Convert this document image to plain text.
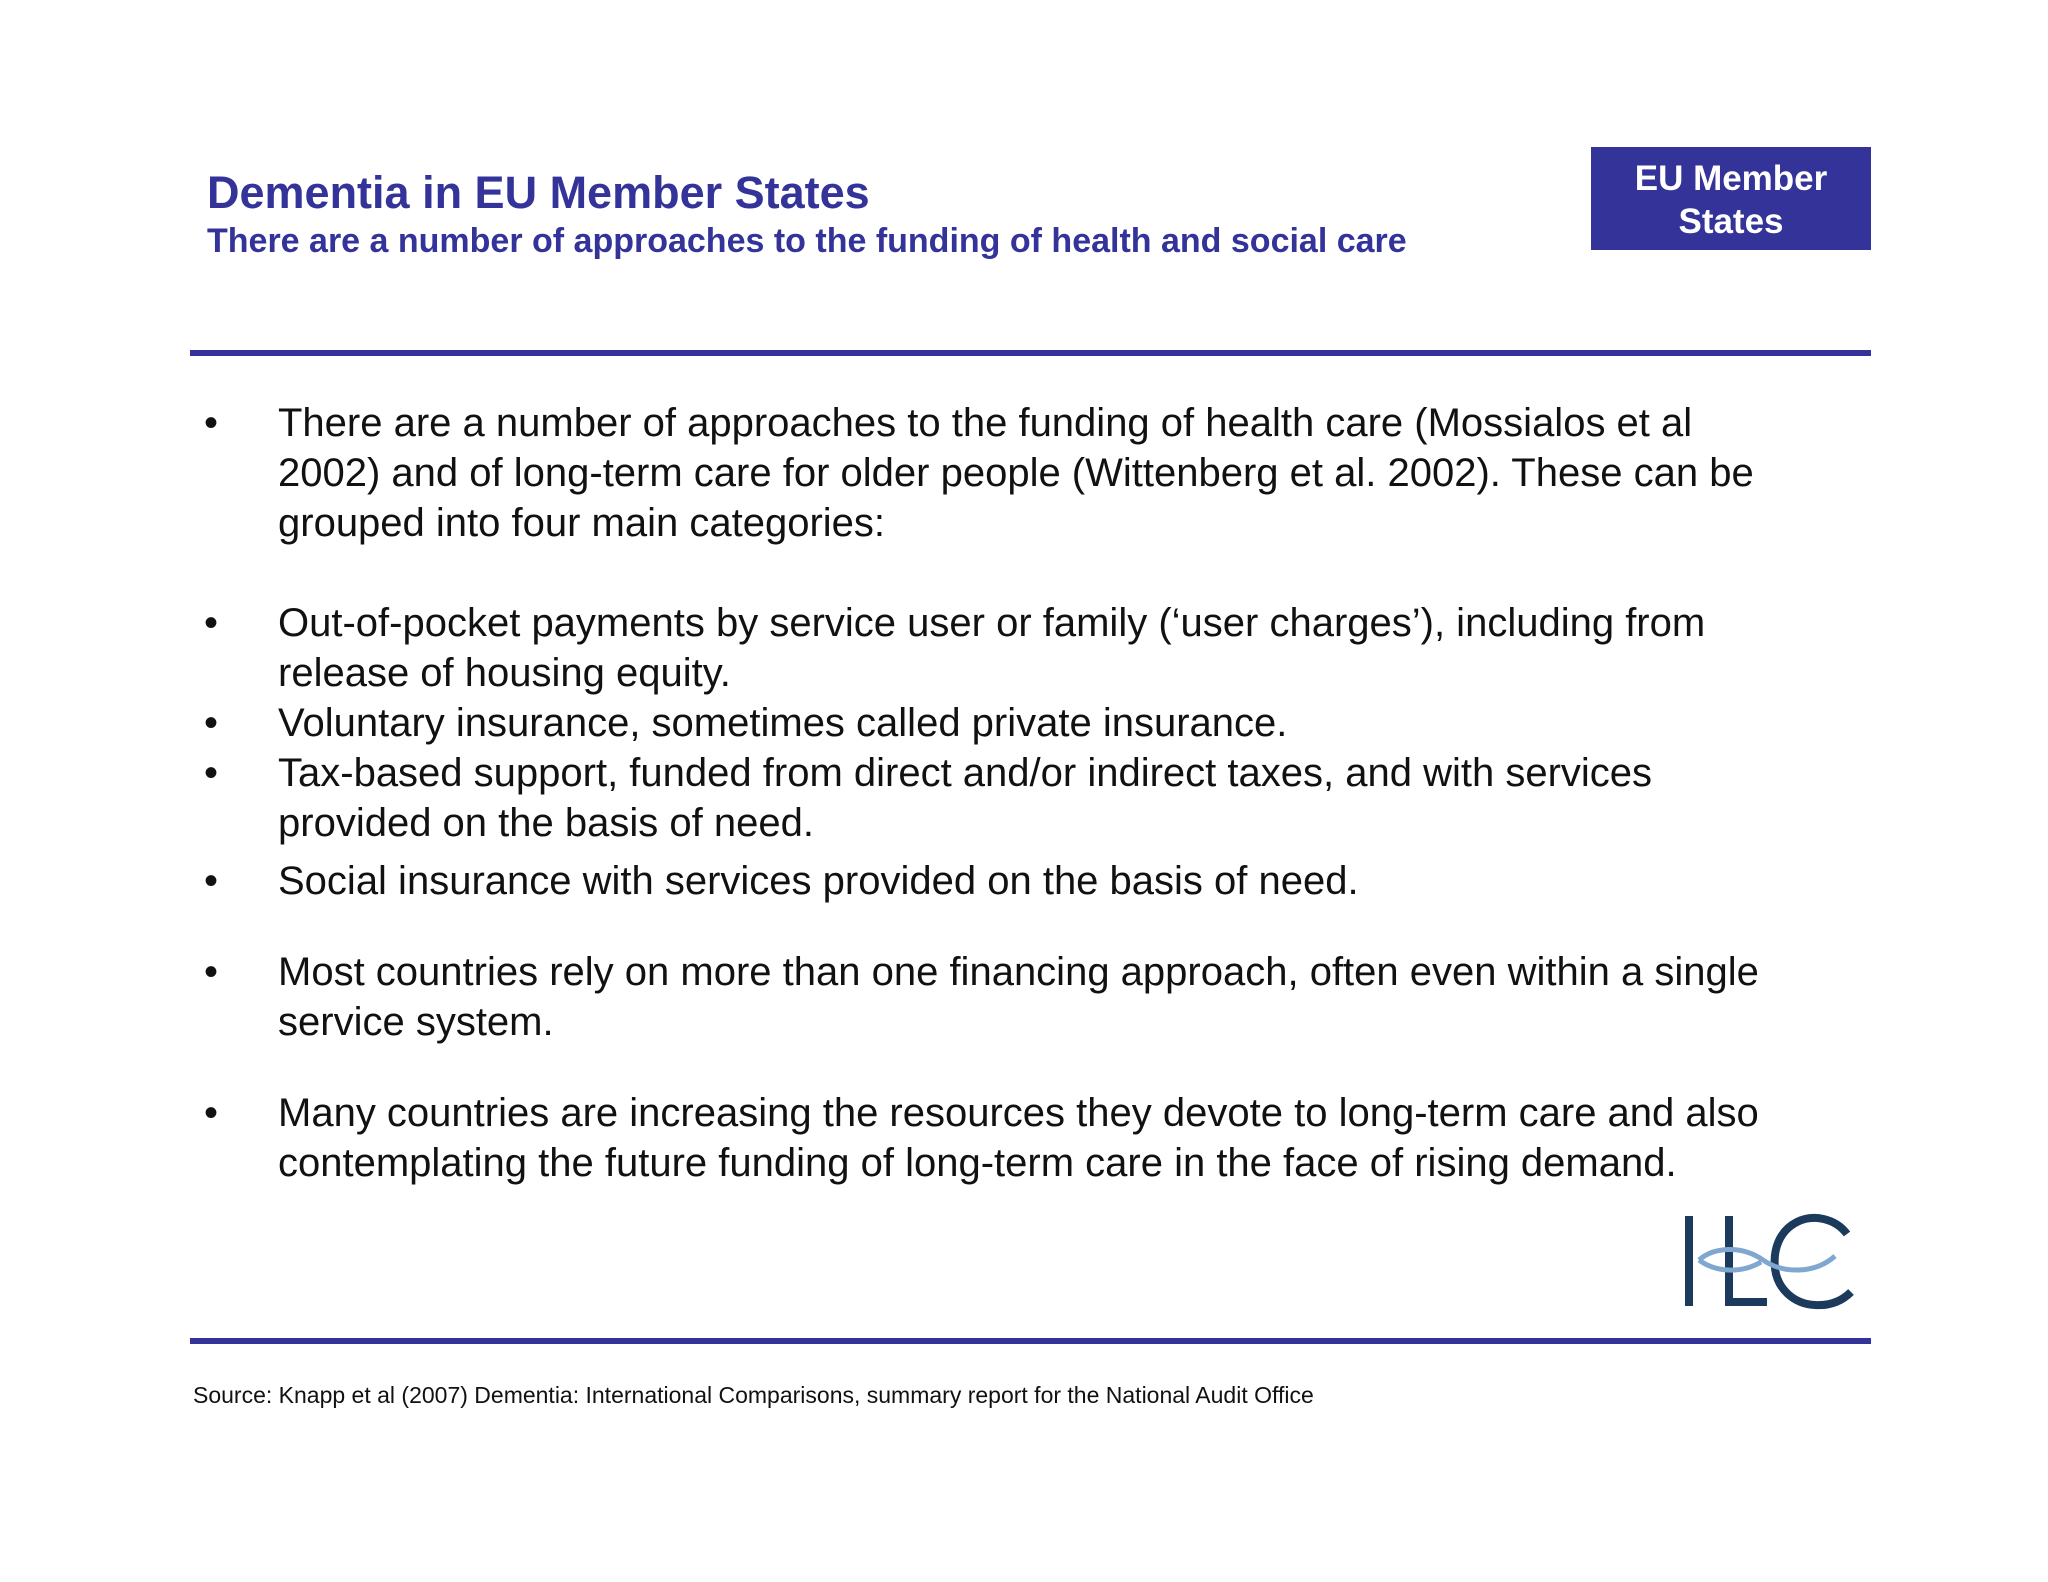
Dementia in EU Member States
There are a number of approaches to the funding of health and social care
EU Member
States
•	There are a number of approaches to the funding of health care (Mossialos et al
2002) and of long-term care for older people (Wittenberg et al. 2002). These can be
grouped into four main categories:
•	Out-of-pocket payments by service user or family (‘user charges’), including from
release of housing equity.
•	Voluntary insurance, sometimes called private insurance.
•	Tax-based support, funded from direct and/or indirect taxes, and with services
provided on the basis of need.
•	Social insurance with services provided on the basis of need.
•	Most countries rely on more than one financing approach, often even within a single
service system.
•	Many countries are increasing the resources they devote to long-term care and also
contemplating the future funding of long-term care in the face of rising demand.
Source: Knapp et al (2007) Dementia: International Comparisons, summary report for the National Audit Office
